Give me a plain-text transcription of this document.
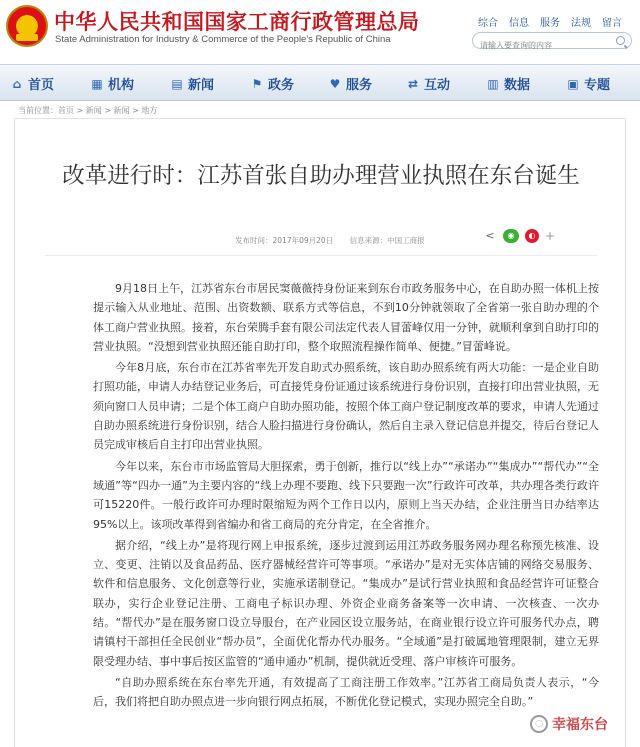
★ 中华人民共和国国家工商行政管理总局
State Administration for Industry & Commerce of the People's Republic of China
综合 信息 服务 法规 留言
请输入要查询的内容
⌂ 首页	▦ 机构	▤ 新闻	⚑ 政务	♥ 服务	⇄ 互动	▥ 数据	▣ 专题
当前位置：首页 > 新闻 > 新闻 > 地方
改革进行时：江苏首张自助办理营业执照在东台诞生
发布时间：2017年09月20日 信息来源：中国工商报	<	◉	◐ +

9月18日上午，江苏省东台市居民窦薇薇持身份证来到东台市政务服务中心，在自助办照一体机上按提示输入从业地址、范围、出资数额、联系方式等信息，不到10分钟就领取了全省第一张自助办理的个体工商户营业执照。接着，东台荣腾手套有限公司法定代表人冒蕾峰仅用一分钟，就顺利拿到自助打印的营业执照。“没想到营业执照还能自助打印，整个取照流程操作简单、便捷。”冒蕾峰说。

今年8月底，东台市在江苏省率先开发自助式办照系统，该自助办照系统有两大功能：一是企业自助打照功能，申请人办结登记业务后，可直接凭身份证通过该系统进行身份识别，直接打印出营业执照，无须向窗口人员申请；二是个体工商户自助办照功能，按照个体工商户登记制度改革的要求，申请人先通过自助办照系统进行身份识别，结合人脸扫描进行身份确认，然后自主录入登记信息并提交，待后台登记人员完成审核后自主打印出营业执照。

今年以来，东台市市场监管局大胆探索，勇于创新，推行以“线上办”“承诺办”“集成办”“帮代办”“全域通”等“四办一通”为主要内容的“线上办理不要跑、线下只要跑一次”行政许可改革，共办理各类行政许可15220件。一般行政许可办理时限缩短为两个工作日以内，原则上当天办结，企业注册当日办结率达95%以上。该项改革得到省编办和省工商局的充分肯定，在全省推介。

据介绍，“线上办”是将现行网上申报系统，逐步过渡到运用江苏政务服务网办理名称预先核准、设立、变更、注销以及食品药品、医疗器械经营许可等事项。“承诺办”是对无实体店铺的网络交易服务、软件和信息服务、文化创意等行业，实施承诺制登记。“集成办”是试行营业执照和食品经营许可证整合联办，实行企业登记注册、工商电子标识办理、外资企业商务备案等一次申请、一次核查、一次办结。“帮代办”是在服务窗口设立导服台，在产业园区设立服务站，在商业银行设立许可服务代办点，聘请镇村干部担任全民创业“帮办员”，全面优化帮办代办服务。“全域通”是打破属地管理限制，建立无界限受理办结、事中事后按区监管的“通申通办”机制，提供就近受理、落户审核许可服务。

“自助办照系统在东台率先开通，有效提高了工商注册工作效率。”江苏省工商局负责人表示，“今后，我们将把自助办照点进一步向银行网点拓展，不断优化登记模式，实现办照完全自助。”

◌ 幸福东台
